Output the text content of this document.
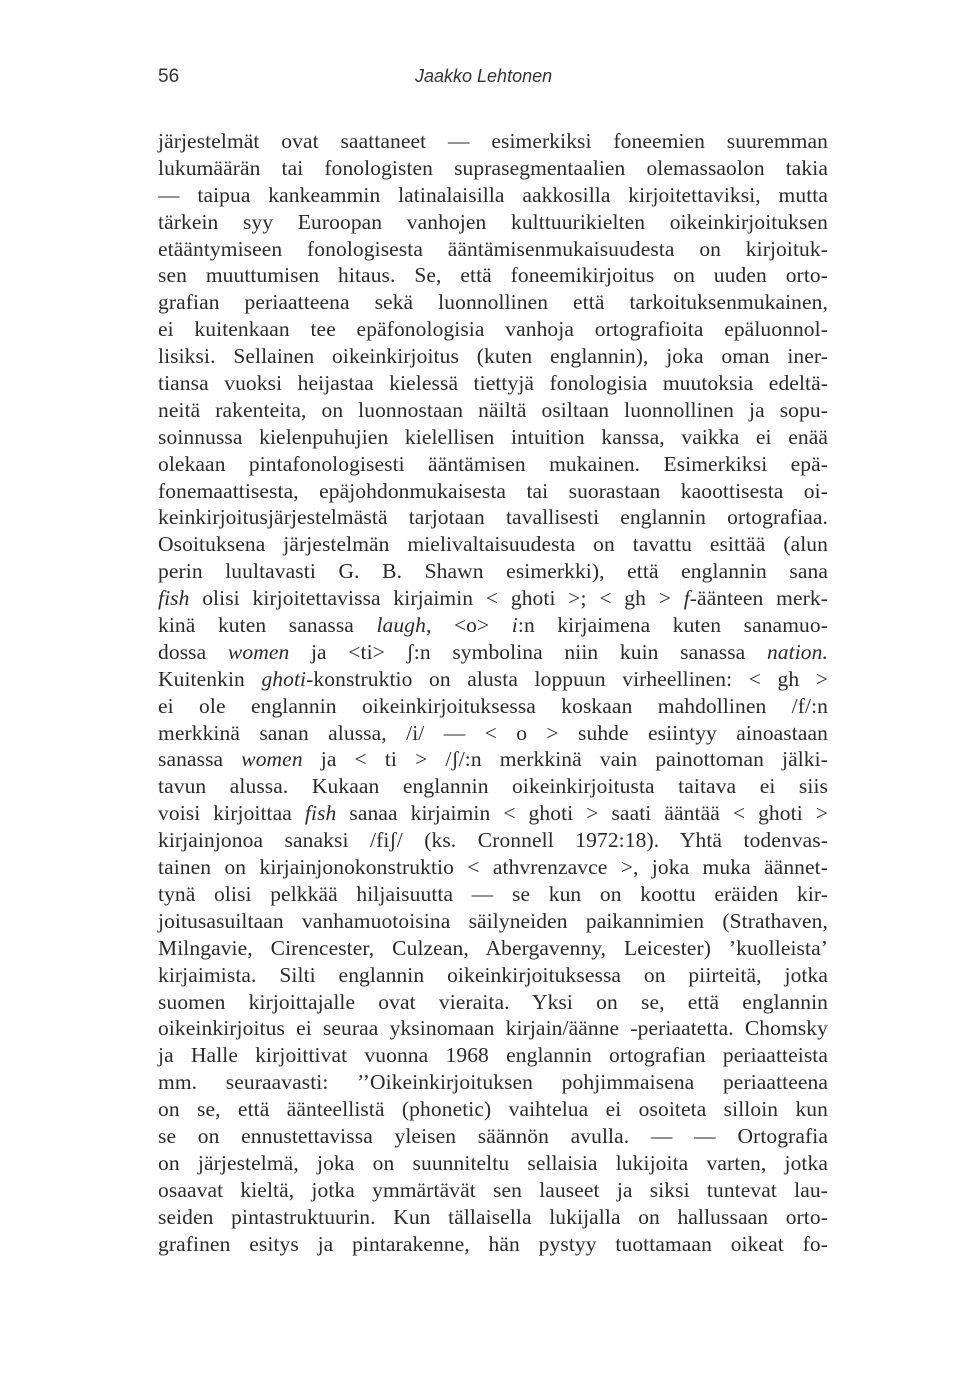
56	Jaakko Lehtonen
järjestelmät ovat saattaneet — esimerkiksi foneemien suuremman
lukumäärän tai fonologisten suprasegmentaalien olemassaolon takia
— taipua kankeammin latinalaisilla aakkosilla kirjoitettaviksi, mutta
tärkein syy Euroopan vanhojen kulttuurikielten oikeinkirjoituksen
etääntymiseen fonologisesta ääntämisenmukaisuudesta on kirjoituk-
sen muuttumisen hitaus. Se, että foneemikirjoitus on uuden orto-
grafian periaatteena sekä luonnollinen että tarkoituksenmukainen,
ei kuitenkaan tee epäfonologisia vanhoja ortografioita epäluonnol-
lisiksi. Sellainen oikeinkirjoitus (kuten englannin), joka oman iner-
tiansa vuoksi heijastaa kielessä tiettyjä fonologisia muutoksia edeltä-
neitä rakenteita, on luonnostaan näiltä osiltaan luonnollinen ja sopu-
soinnussa kielenpuhujien kielellisen intuition kanssa, vaikka ei enää
olekaan pintafonologisesti ääntämisen mukainen. Esimerkiksi epä-
fonemaattisesta, epäjohdonmukaisesta tai suorastaan kaoottisesta oi-
keinkirjoitusjärjestelmästä tarjotaan tavallisesti englannin ortografiaa.
Osoituksena järjestelmän mielivaltaisuudesta on tavattu esittää (alun
perin luultavasti G. B. Shawn esimerkki), että englannin sana
fish olisi kirjoitettavissa kirjaimin < ghoti >; < gh > f-äänteen merk-
kinä kuten sanassa laugh, <o> i:n kirjaimena kuten sanamuo-
dossa women ja <ti> ʃ:n symbolina niin kuin sanassa nation.
Kuitenkin ghoti-konstruktio on alusta loppuun virheellinen: < gh >
ei ole englannin oikeinkirjoituksessa koskaan mahdollinen /f/:n
merkkinä sanan alussa, /i/ — < o > suhde esiintyy ainoastaan
sanassa women ja < ti > /ʃ/:n merkkinä vain painottoman jälki-
tavun alussa. Kukaan englannin oikeinkirjoitusta taitava ei siis
voisi kirjoittaa fish sanaa kirjaimin < ghoti > saati ääntää < ghoti >
kirjainjonoa sanaksi /fiʃ/ (ks. Cronnell 1972:18). Yhtä todenvas-
tainen on kirjainjonokonstruktio < athvrenzavce >, joka muka äännet-
tynä olisi pelkkää hiljaisuutta — se kun on koottu eräiden kir-
joitusasuiltaan vanhamuotoisina säilyneiden paikannimien (Strathaven,
Milngavie, Cirencester, Culzean, Abergavenny, Leicester) ’kuolleista’
kirjaimista. Silti englannin oikeinkirjoituksessa on piirteitä, jotka
suomen kirjoittajalle ovat vieraita. Yksi on se, että englannin
oikeinkirjoitus ei seuraa yksinomaan kirjain/äänne -periaatetta. Chomsky
ja Halle kirjoittivat vuonna 1968 englannin ortografian periaatteista
mm. seuraavasti: ’’Oikeinkirjoituksen pohjimmaisena periaatteena
on se, että äänteellistä (phonetic) vaihtelua ei osoiteta silloin kun
se on ennustettavissa yleisen säännön avulla. — — Ortografia
on järjestelmä, joka on suunniteltu sellaisia lukijoita varten, jotka
osaavat kieltä, jotka ymmärtävät sen lauseet ja siksi tuntevat lau-
seiden pintastruktuurin. Kun tällaisella lukijalla on hallussaan orto-
grafinen esitys ja pintarakenne, hän pystyy tuottamaan oikeat fo-
